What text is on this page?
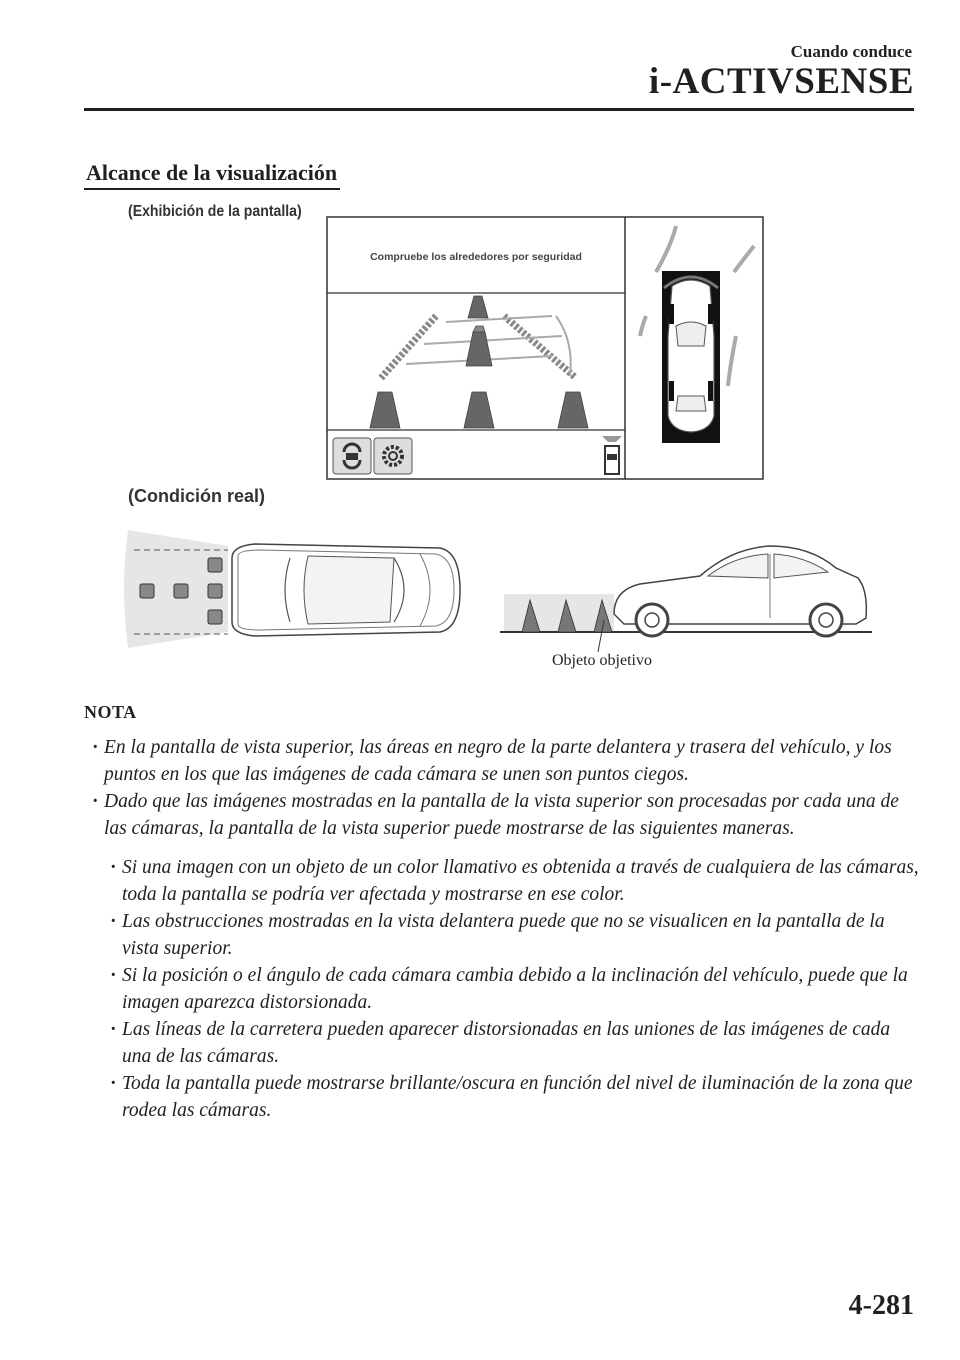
Cuando conduce
i-ACTIVSENSE
Alcance de la visualización
(Exhibición de la pantalla)
Compruebe los alrededores por seguridad
(Condición real)
Objeto objetivo
NOTA
· En la pantalla de vista superior, las áreas en negro de la parte delantera y trasera del vehículo, y los puntos en los que las imágenes de cada cámara se unen son puntos ciegos.
· Dado que las imágenes mostradas en la pantalla de la vista superior son procesadas por cada una de las cámaras, la pantalla de la vista superior puede mostrarse de las siguientes maneras.
· Si una imagen con un objeto de un color llamativo es obtenida a través de cualquiera de las cámaras, toda la pantalla se podría ver afectada y mostrarse en ese color.
· Las obstrucciones mostradas en la vista delantera puede que no se visualicen en la pantalla de la vista superior.
· Si la posición o el ángulo de cada cámara cambia debido a la inclinación del vehículo, puede que la imagen aparezca distorsionada.
· Las líneas de la carretera pueden aparecer distorsionadas en las uniones de las imágenes de cada una de las cámaras.
· Toda la pantalla puede mostrarse brillante/oscura en función del nivel de iluminación de la zona que rodea las cámaras.
4-281
